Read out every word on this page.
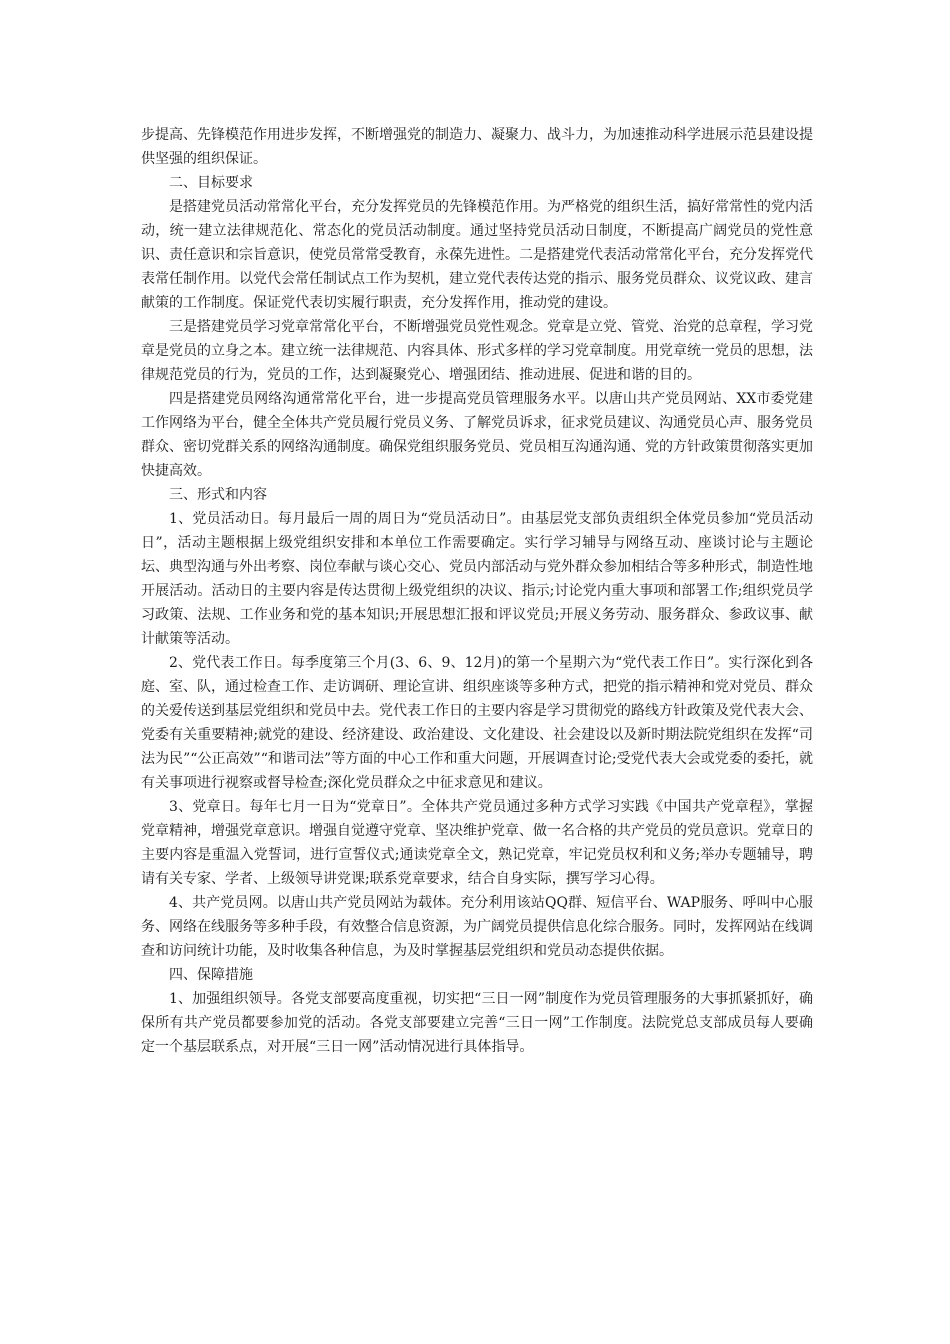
步提高、先锋模范作用进步发挥，不断增强党的制造力、凝聚力、战斗力，为加速推动科学进展示范县建设提供坚强的组织保证。

二、目标要求

是搭建党员活动常常化平台，充分发挥党员的先锋模范作用。为严格党的组织生活，搞好常常性的党内活动，统一建立法律规范化、常态化的党员活动制度。通过坚持党员活动日制度，不断提高广阔党员的党性意识、责任意识和宗旨意识，使党员常常受教育，永葆先进性。二是搭建党代表活动常常化平台，充分发挥党代表常任制作用。以党代会常任制试点工作为契机，建立党代表传达党的指示、服务党员群众、议党议政、建言献策的工作制度。保证党代表切实履行职责，充分发挥作用，推动党的建设。

三是搭建党员学习党章常常化平台，不断增强党员党性观念。党章是立党、管党、治党的总章程，学习党章是党员的立身之本。建立统一法律规范、内容具体、形式多样的学习党章制度。用党章统一党员的思想，法律规范党员的行为，党员的工作，达到凝聚党心、增强团结、推动进展、促进和谐的目的。

四是搭建党员网络沟通常常化平台，进一步提高党员管理服务水平。以唐山共产党员网站、XX市委党建工作网络为平台，健全全体共产党员履行党员义务、了解党员诉求，征求党员建议、沟通党员心声、服务党员群众、密切党群关系的网络沟通制度。确保党组织服务党员、党员相互沟通沟通、党的方针政策贯彻落实更加快捷高效。

三、形式和内容

1、党员活动日。每月最后一周的周日为“党员活动日”。由基层党支部负责组织全体党员参加“党员活动日”，活动主题根据上级党组织安排和本单位工作需要确定。实行学习辅导与网络互动、座谈讨论与主题论坛、典型沟通与外出考察、岗位奉献与谈心交心、党员内部活动与党外群众参加相结合等多种形式，制造性地开展活动。活动日的主要内容是传达贯彻上级党组织的决议、指示;讨论党内重大事项和部署工作;组织党员学习政策、法规、工作业务和党的基本知识;开展思想汇报和评议党员;开展义务劳动、服务群众、参政议事、献计献策等活动。

2、党代表工作日。每季度第三个月(3、6、9、12月)的第一个星期六为“党代表工作日”。实行深化到各庭、室、队，通过检查工作、走访调研、理论宣讲、组织座谈等多种方式，把党的指示精神和党对党员、群众的关爱传送到基层党组织和党员中去。党代表工作日的主要内容是学习贯彻党的路线方针政策及党代表大会、党委有关重要精神;就党的建设、经济建设、政治建设、文化建设、社会建设以及新时期法院党组织在发挥“司法为民”“公正高效”“和谐司法”等方面的中心工作和重大问题，开展调查讨论;受党代表大会或党委的委托，就有关事项进行视察或督导检查;深化党员群众之中征求意见和建议。

3、党章日。每年七月一日为“党章日”。全体共产党员通过多种方式学习实践《中国共产党章程》，掌握党章精神，增强党章意识。增强自觉遵守党章、坚决维护党章、做一名合格的共产党员的党员意识。党章日的主要内容是重温入党誓词，进行宣誓仪式;通读党章全文，熟记党章，牢记党员权利和义务;举办专题辅导，聘请有关专家、学者、上级领导讲党课;联系党章要求，结合自身实际，撰写学习心得。

4、共产党员网。以唐山共产党员网站为载体。充分利用该站QQ群、短信平台、WAP服务、呼叫中心服务、网络在线服务等多种手段，有效整合信息资源，为广阔党员提供信息化综合服务。同时，发挥网站在线调查和访问统计功能，及时收集各种信息，为及时掌握基层党组织和党员动态提供依据。

四、保障措施

1、加强组织领导。各党支部要高度重视，切实把“三日一网”制度作为党员管理服务的大事抓紧抓好，确保所有共产党员都要参加党的活动。各党支部要建立完善“三日一网”工作制度。法院党总支部成员每人要确定一个基层联系点，对开展“三日一网”活动情况进行具体指导。
